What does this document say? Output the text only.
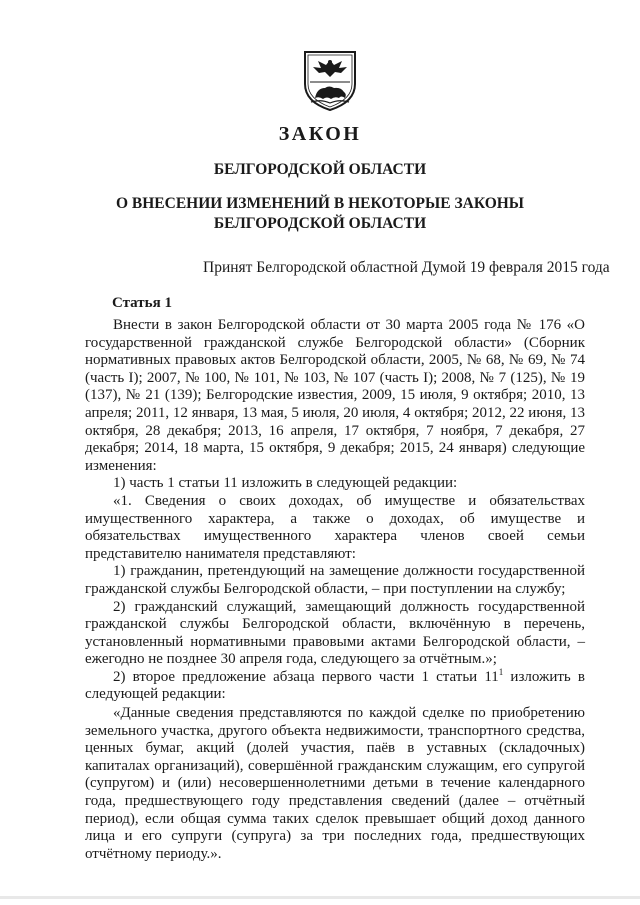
ЗАКОН
БЕЛГОРОДСКОЙ ОБЛАСТИ
О ВНЕСЕНИИ ИЗМЕНЕНИЙ В НЕКОТОРЫЕ ЗАКОНЫ
БЕЛГОРОДСКОЙ ОБЛАСТИ
Принят Белгородской областной Думой 19 февраля 2015 года
Статья 1

Внести в закон Белгородской области от 30 марта 2005 года № 176 «О государственной гражданской службе Белгородской области» (Сборник нормативных правовых актов Белгородской области, 2005, № 68, № 69, № 74 (часть I); 2007, № 100, № 101, № 103, № 107 (часть I); 2008, № 7 (125), № 19 (137), № 21 (139); Белгородские известия, 2009, 15 июля, 9 октября; 2010, 13 апреля; 2011, 12 января, 13 мая, 5 июля, 20 июля, 4 октября; 2012, 22 июня, 13 октября, 28 декабря; 2013, 16 апреля, 17 октября, 7 ноября, 7 декабря, 27 декабря; 2014, 18 марта, 15 октября, 9 декабря; 2015, 24 января) следующие изменения:

1) часть 1 статьи 11 изложить в следующей редакции:

«1. Сведения о своих доходах, об имуществе и обязательствах имущественного характера, а также о доходах, об имуществе и обязательствах имущественного характера членов своей семьи представителю нанимателя представляют:

1) гражданин, претендующий на замещение должности государственной гражданской службы Белгородской области, – при поступлении на службу;

2) гражданский служащий, замещающий должность государственной гражданской службы Белгородской области, включённую в перечень, установленный нормативными правовыми актами Белгородской области, – ежегодно не позднее 30 апреля года, следующего за отчётным.»;

2) второе предложение абзаца первого части 1 статьи $11^1$ изложить в следующей редакции:

«Данные сведения представляются по каждой сделке по приобретению земельного участка, другого объекта недвижимости, транспортного средства, ценных бумаг, акций (долей участия, паёв в уставных (складочных) капиталах организаций), совершённой гражданским служащим, его супругой (супругом) и (или) несовершеннолетними детьми в течение календарного года, предшествующего году представления сведений (далее – отчётный период), если общая сумма таких сделок превышает общий доход данного лица и его супруги (супруга) за три последних года, предшествующих отчётному периоду.».
